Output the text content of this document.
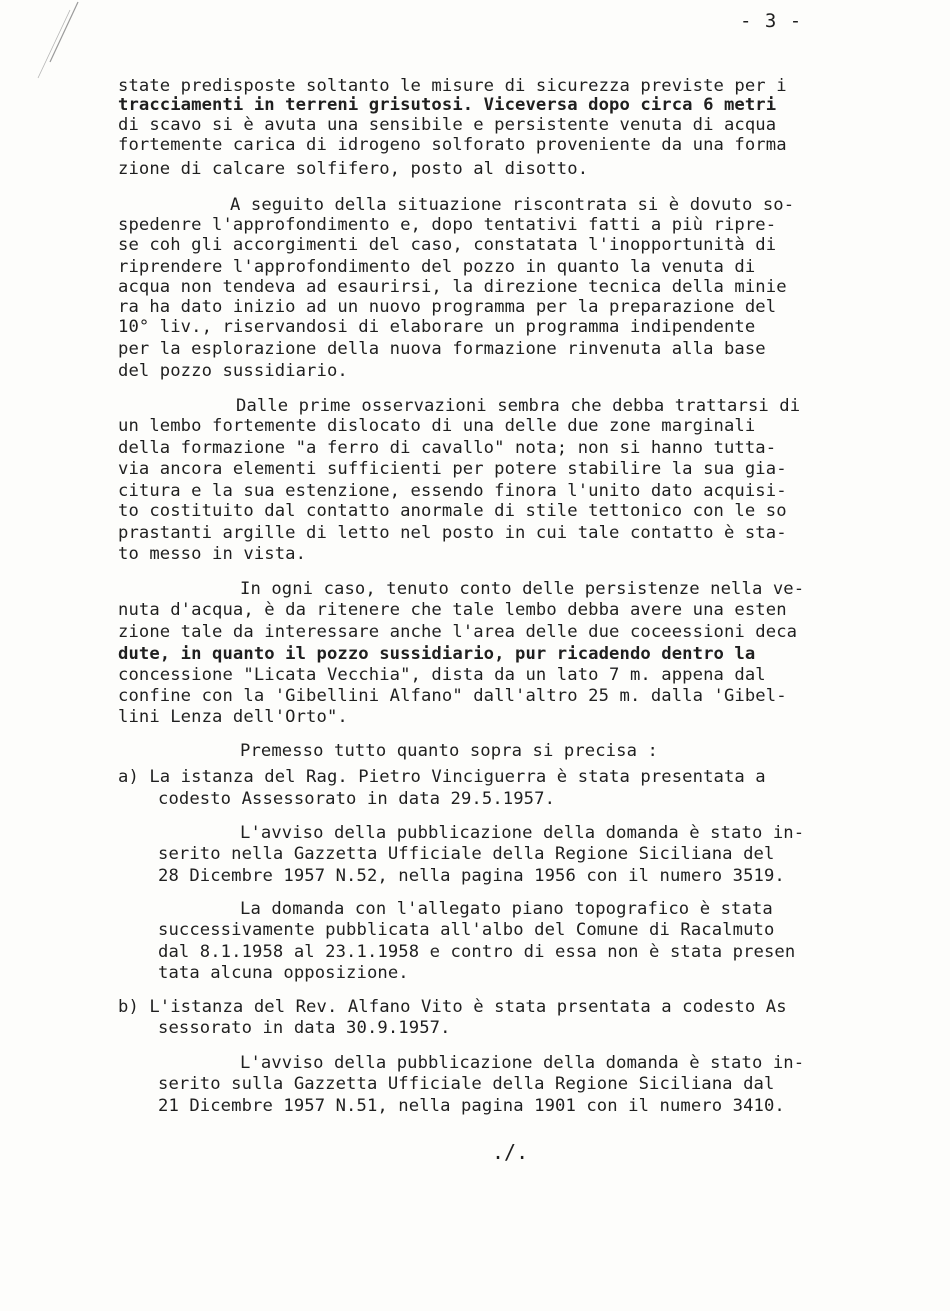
- 3 -
state predisposte soltanto le misure di sicurezza previste per i
tracciamenti in terreni grisutosi. Viceversa dopo circa 6 metri
di scavo si è avuta una sensibile e persistente venuta di acqua
fortemente carica di idrogeno solforato proveniente da una forma
zione di calcare solfifero, posto al disotto.
A seguito della situazione riscontrata si è dovuto so-
spedenre l'approfondimento e, dopo tentativi fatti a più ripre-
se coh gli accorgimenti del caso, constatata l'inopportunità di
riprendere l'approfondimento del pozzo in quanto la venuta di
acqua non tendeva ad esaurirsi, la direzione tecnica della minie
ra ha dato inizio ad un nuovo programma per la preparazione del
10° liv., riservandosi di elaborare un programma indipendente
per la esplorazione della nuova formazione rinvenuta alla base
del pozzo sussidiario.
Dalle prime osservazioni sembra che debba trattarsi di
un lembo fortemente dislocato di una delle due zone marginali
della formazione "a ferro di cavallo" nota; non si hanno tutta-
via ancora elementi sufficienti per potere stabilire la sua gia-
citura e la sua estenzione, essendo finora l'unito dato acquisi-
to costituito dal contatto anormale di stile tettonico con le so
prastanti argille di letto nel posto in cui tale contatto è sta-
to messo in vista.
In ogni caso, tenuto conto delle persistenze nella ve-
nuta d'acqua, è da ritenere che tale lembo debba avere una esten
zione tale da interessare anche l'area delle due coceessioni deca
dute, in quanto il pozzo sussidiario, pur ricadendo dentro la
concessione "Licata Vecchia", dista da un lato 7 m. appena dal
confine con la 'Gibellini Alfano" dall'altro 25 m. dalla 'Gibel-
lini Lenza dell'Orto".
Premesso tutto quanto sopra si precisa :
a) La istanza del Rag. Pietro Vinciguerra è stata presentata a
codesto Assessorato in data 29.5.1957.
L'avviso della pubblicazione della domanda è stato in-
serito nella Gazzetta Ufficiale della Regione Siciliana del
28 Dicembre 1957 N.52, nella pagina 1956 con il numero 3519.
La domanda con l'allegato piano topografico è stata
successivamente pubblicata all'albo del Comune di Racalmuto
dal 8.1.1958 al 23.1.1958 e contro di essa non è stata presen
tata alcuna opposizione.
b) L'istanza del Rev. Alfano Vito è stata prsentata a codesto As
sessorato in data 30.9.1957.
L'avviso della pubblicazione della domanda è stato in-
serito sulla Gazzetta Ufficiale della Regione Siciliana dal
21 Dicembre 1957 N.51, nella pagina 1901 con il numero 3410.
./.
